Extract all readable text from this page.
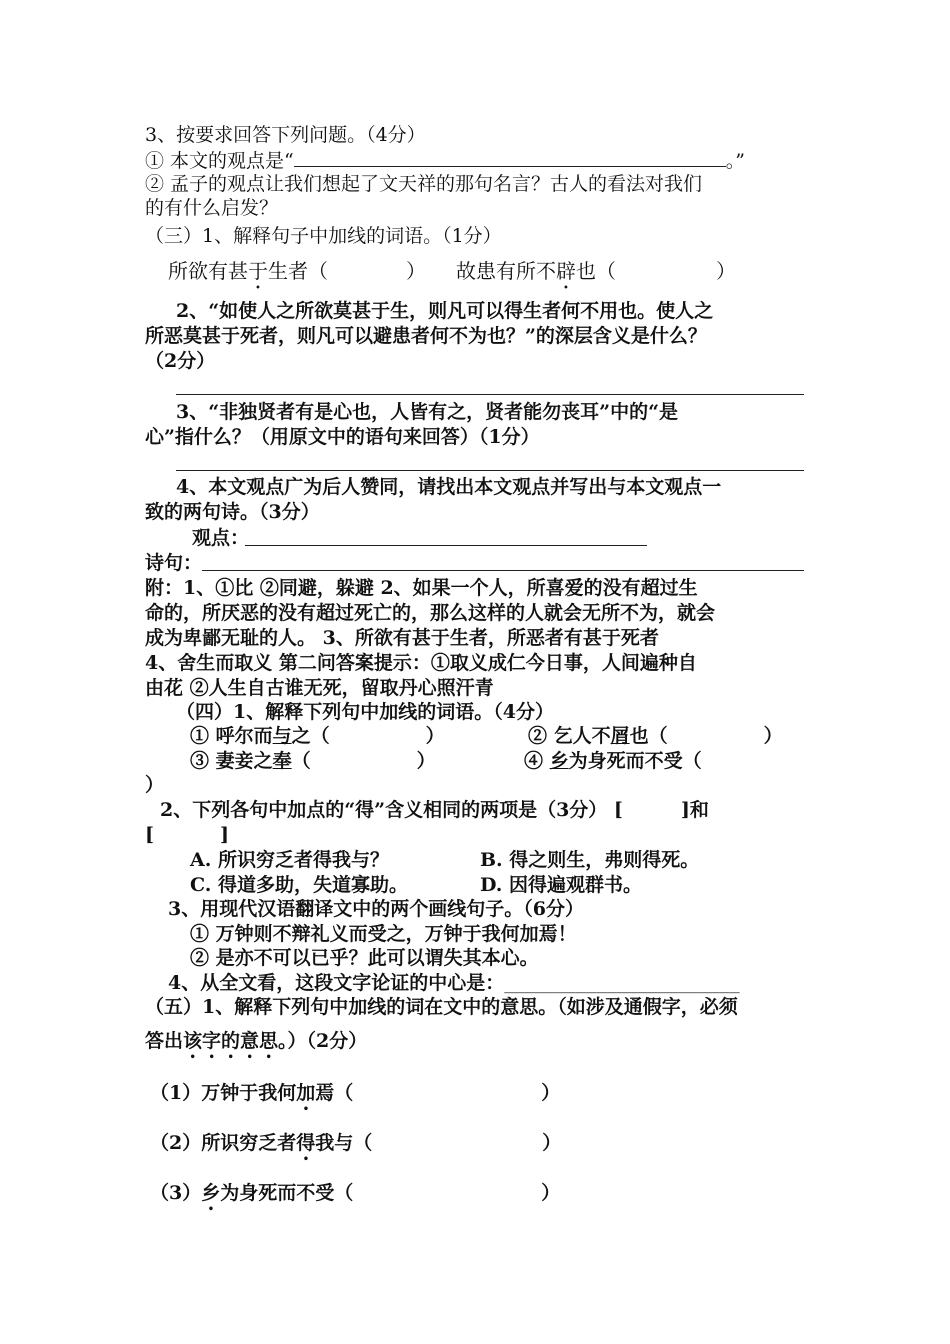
3、按要求回答下列问题。（4分）
① 本文的观点是“	。”
② 孟子的观点让我们想起了文天祥的那句名言？古人的看法对我们
的有什么启发？
（三）1、解释句子中加线的词语。（1分）
所欲有甚于生者（	） 故患有所不辟也（	）
2、“如使人之所欲莫甚于生，则凡可以得生者何不用也。使人之
所恶莫甚于死者，则凡可以避患者何不为也？”的深层含义是什么？
（2分）
3、“非独贤者有是心也，人皆有之，贤者能勿丧耳”中的“是
心”指什么？（用原文中的语句来回答）（1分）
4、本文观点广为后人赞同，请找出本文观点并写出与本文观点一
致的两句诗。（3分）
观点：
诗句：
附：1、①比 ②同避，躲避 2、如果一个人，所喜爱的没有超过生
命的，所厌恶的没有超过死亡的，那么这样的人就会无所不为，就会
成为卑鄙无耻的人。 3、所欲有甚于生者，所恶者有甚于死者
4、舍生而取义 第二问答案提示：①取义成仁今日事，人间遍种自
由花 ②人生自古谁无死，留取丹心照汗青
（四）1、解释下列句中加线的词语。（4分）
① 呼尔而与之（	）	② 乞人不屑也（	）
③ 妻妾之奉（	）	④ 乡为身死而不受（
）
2、下列各句中加点的“得”含义相同的两项是（3分） [	]和
[	]
A. 所识穷乏者得我与？	B. 得之则生，弗则得死。
C. 得道多助，失道寡助。	D. 因得遍观群书。
3、用现代汉语翻译文中的两个画线句子。（6分）
① 万钟则不辩礼义而受之，万钟于我何加焉！
② 是亦不可以已乎？此可以谓失其本心。
4、从全文看，这段文字论证的中心是：_______________________
（五）1、解释下列句中加线的词在文中的意思。（如涉及通假字，必须
答出该字的意思。）（2分）
（1）万钟于我何加焉（	）
（2）所识穷乏者得我与（	）
（3）乡为身死而不受（	）
